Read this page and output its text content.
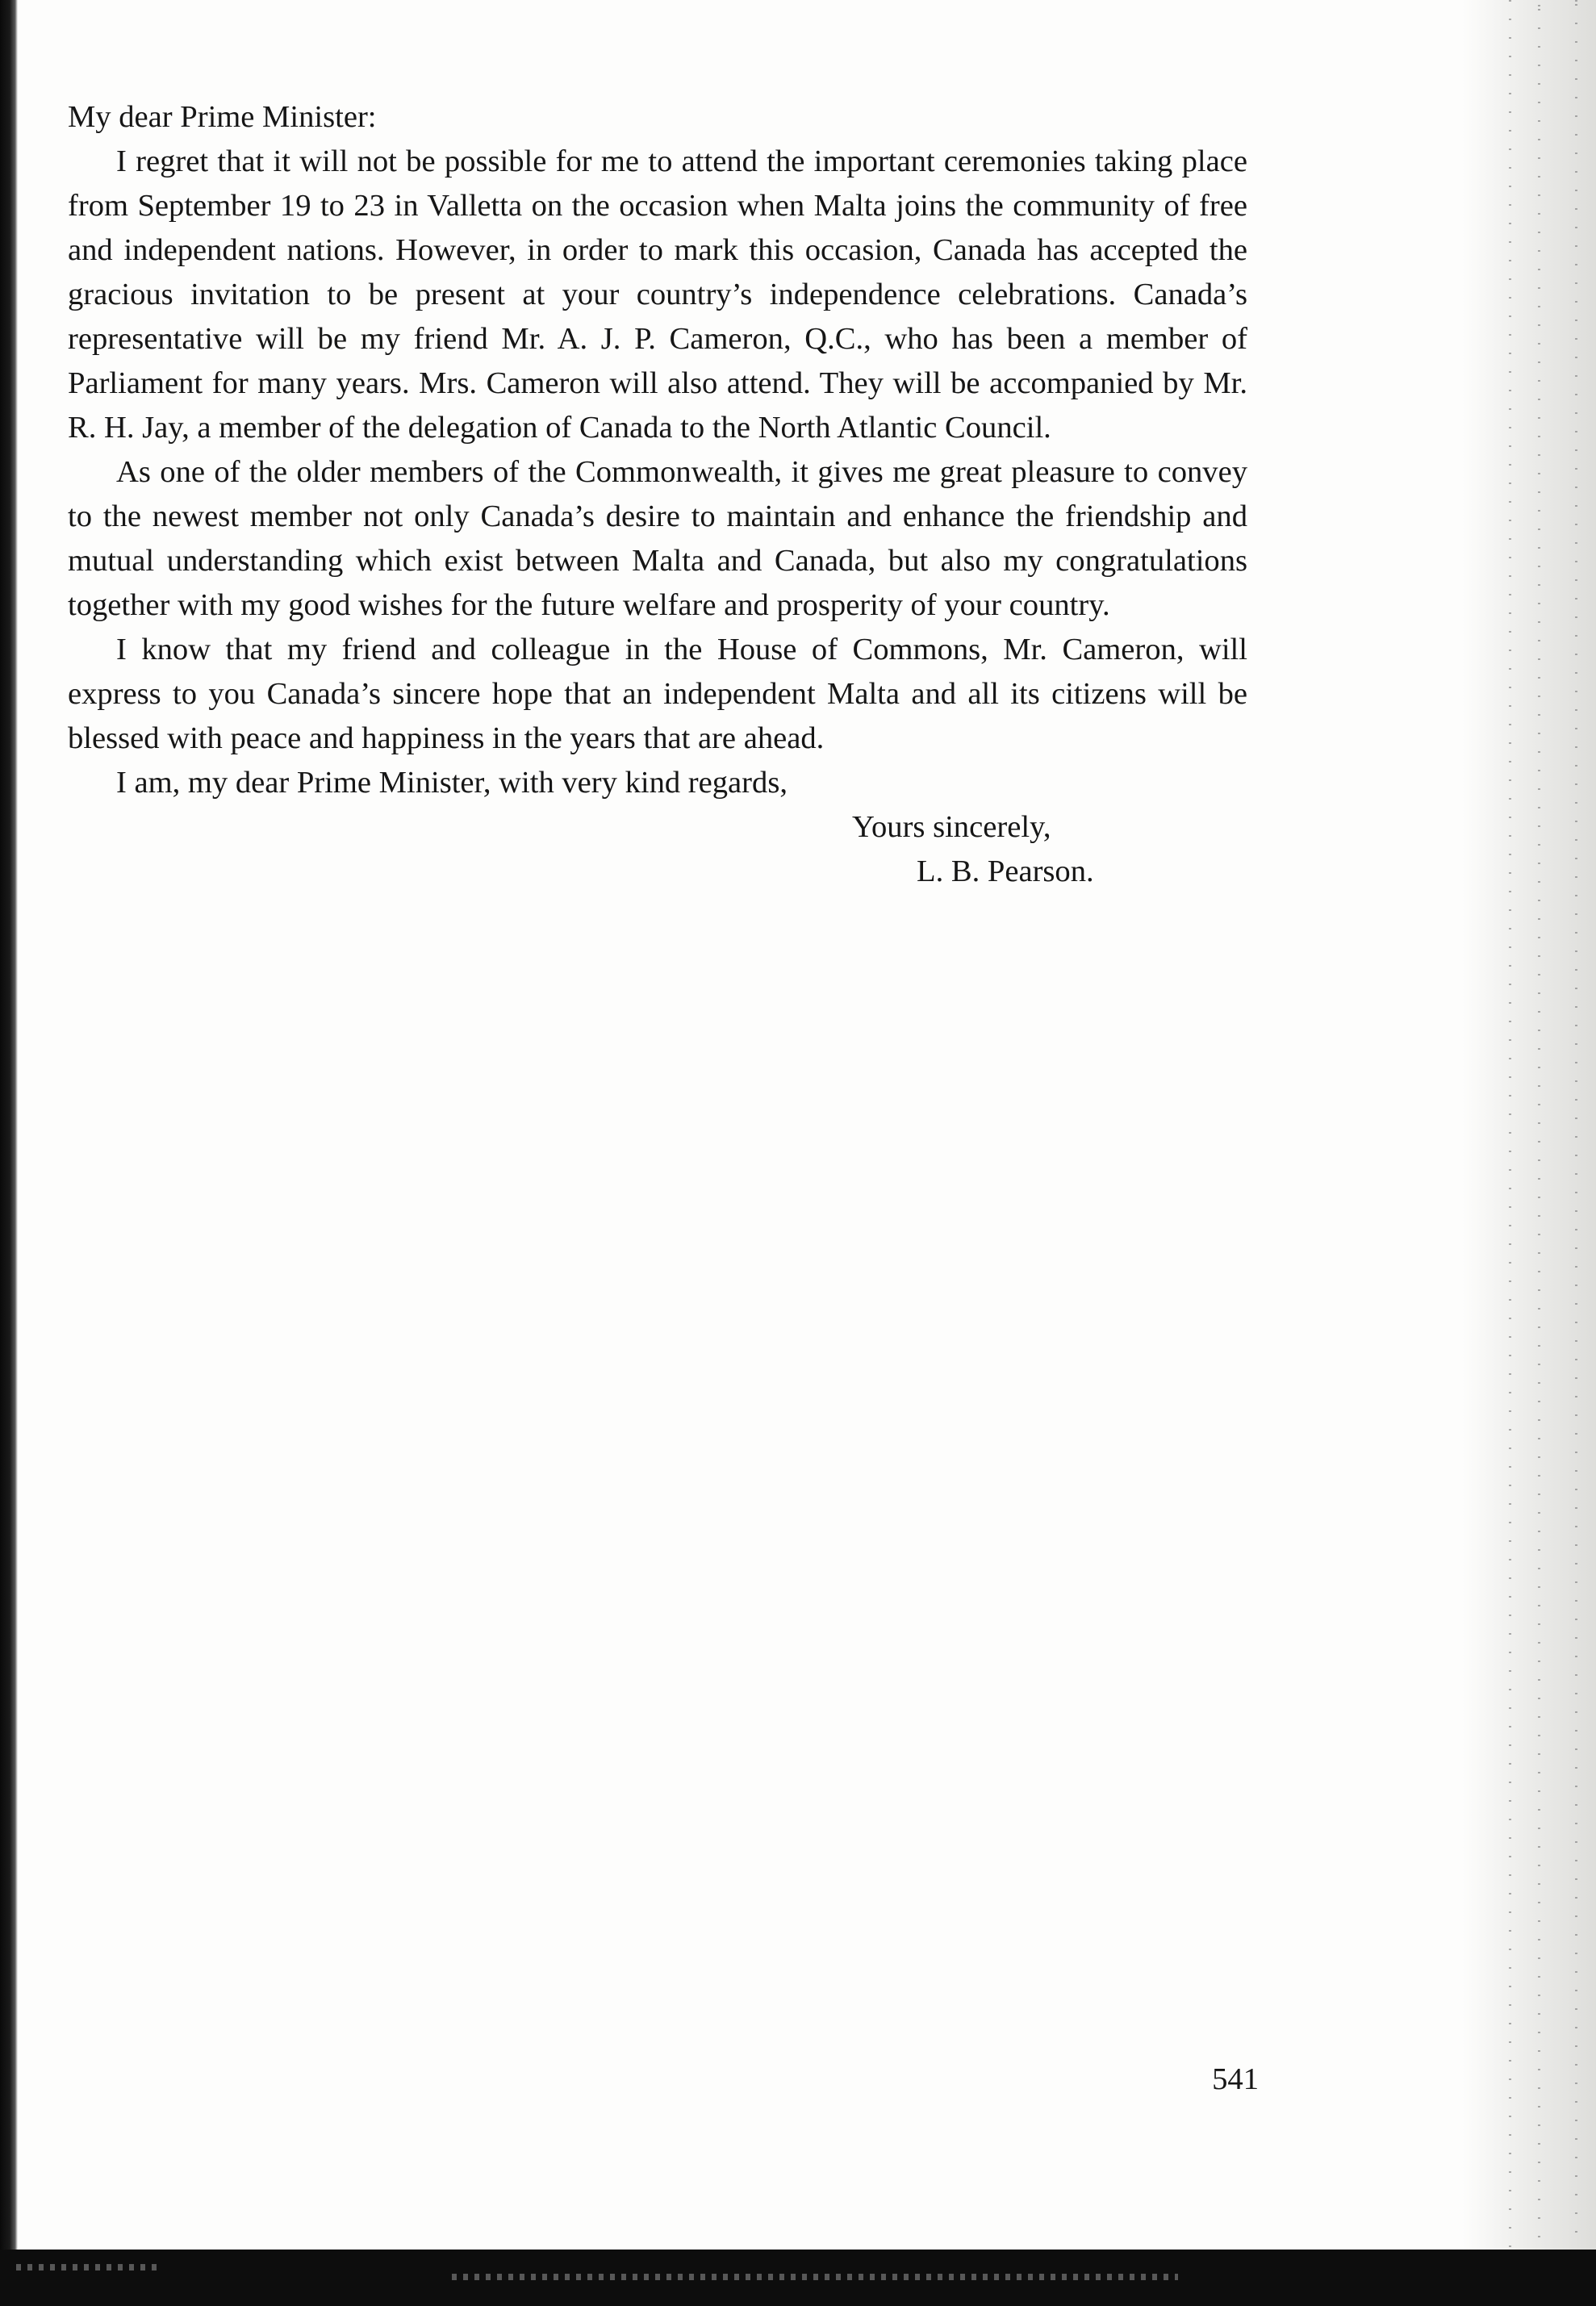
My dear Prime Minister:

I regret that it will not be possible for me to attend the important ceremonies taking place from September 19 to 23 in Valletta on the occasion when Malta joins the community of free and independent nations. However, in order to mark this occasion, Canada has accepted the gracious invitation to be present at your country’s independence celebrations. Canada’s representative will be my friend Mr. A. J. P. Cameron, Q.C., who has been a member of Parliament for many years. Mrs. Cameron will also attend. They will be accompanied by Mr. R. H. Jay, a member of the delegation of Canada to the North Atlantic Council.

As one of the older members of the Commonwealth, it gives me great pleasure to convey to the newest member not only Canada’s desire to maintain and enhance the friendship and mutual understanding which exist between Malta and Canada, but also my congratulations together with my good wishes for the future welfare and prosperity of your country.

I know that my friend and colleague in the House of Commons, Mr. Cameron, will express to you Canada’s sincere hope that an independent Malta and all its citizens will be blessed with peace and happiness in the years that are ahead.

I am, my dear Prime Minister, with very kind regards,

Yours sincerely,

L. B. Pearson.

541
